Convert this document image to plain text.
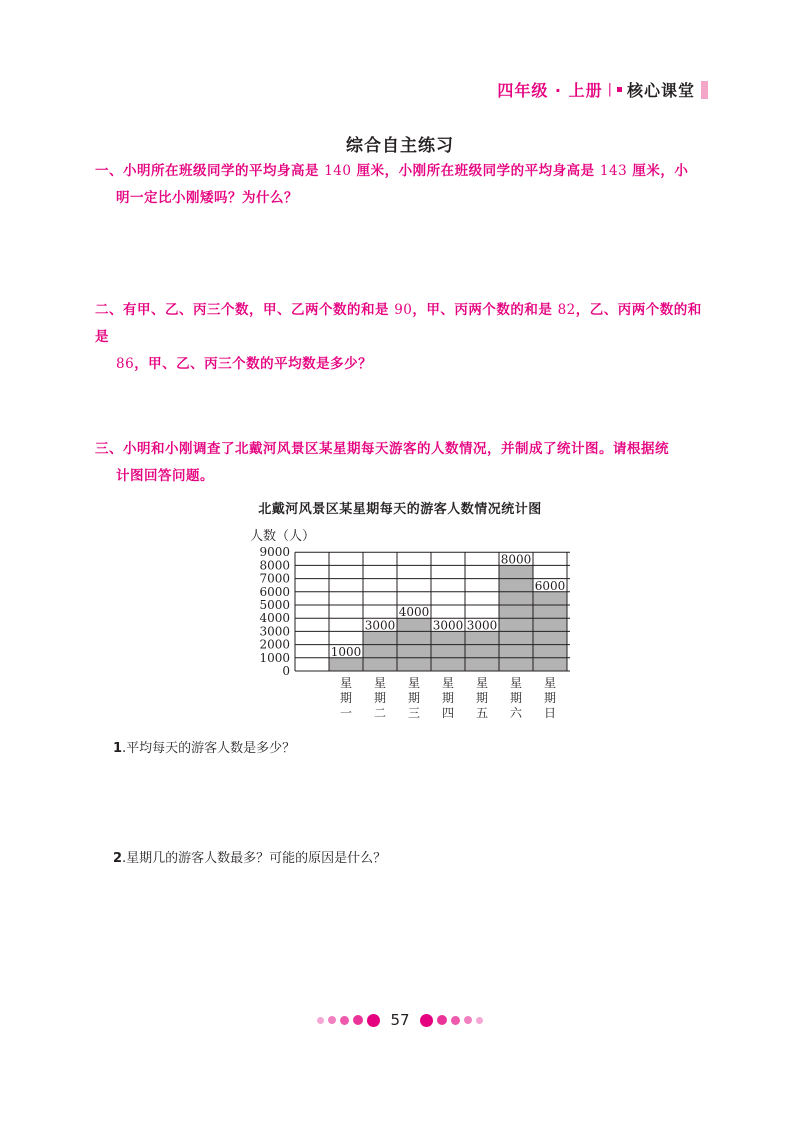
四年级 · 上册 | 核心课堂
综合自主练习
一、小明所在班级同学的平均身高是 140 厘米，小刚所在班级同学的平均身高是 143 厘米，小
明一定比小刚矮吗？为什么？
二、有甲、乙、丙三个数，甲、乙两个数的和是 90，甲、丙两个数的和是 82，乙、丙两个数的和是
86，甲、乙、丙三个数的平均数是多少？
三、小明和小刚调查了北戴河风景区某星期每天游客的人数情况，并制成了统计图。请根据统
计图回答问题。
北戴河风景区某星期每天的游客人数情况统计图
人数（人）
0
1000
2000
3000
4000
5000
6000
7000
8000
9000
1000
3000
4000
3000 3000
8000
6000
星
期
一
星
期
二
星
期
三
星
期
四
星
期
五
星
期
六
星
期
日
1.平均每天的游客人数是多少？
2.星期几的游客人数最多？可能的原因是什么？
57
